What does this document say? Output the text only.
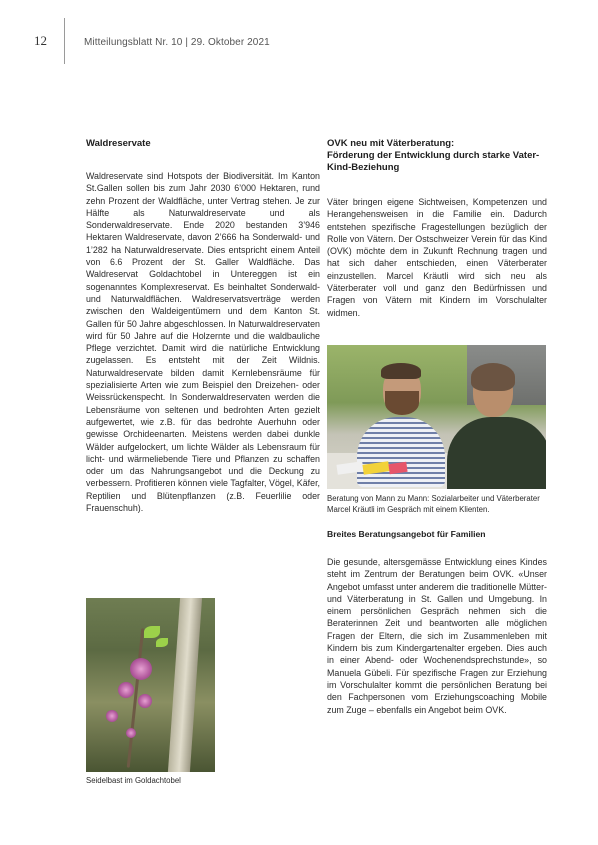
12	Mitteilungsblatt Nr. 10 | 29. Oktober 2021
Waldreservate

Waldreservate sind Hotspots der Biodiversität. Im Kanton St.Gallen sollen bis zum Jahr 2030 6’000 Hektaren, rund zehn Prozent der Waldfläche, unter Vertrag stehen. Je zur Hälfte als Naturwaldreservate und als Sonderwaldreservate. Ende 2020 bestanden 3’946 Hektaren Waldreservate, davon 2’666 ha Sonderwald- und 1’282 ha Naturwaldreservate. Dies entspricht einem Anteil von 6.6 Prozent der St. Galler Waldfläche. Das Waldreservat Goldachtobel in Untereggen ist ein sogenanntes Komplexreservat. Es beinhaltet Sonderwald- und Naturwaldflächen. Waldreservatsverträge werden zwischen den Waldeigentümern und dem Kanton St. Gallen für 50 Jahre abgeschlossen. In Naturwaldreservaten wird für 50 Jahre auf die Holzernte und die waldbauliche Pflege verzichtet. Damit wird die natürliche Entwicklung zugelassen. Es entsteht mit der Zeit Wildnis. Naturwaldreservate bilden damit Kernlebensräume für spezialisierte Arten wie zum Beispiel den Dreizehen- oder Weissrückenspecht. In Sonderwaldreservaten werden die Lebensräume von seltenen und bedrohten Arten gezielt aufgewertet, wie z.B. für das bedrohte Auerhuhn oder gewisse Orchideenarten. Meistens werden dabei dunkle Wälder aufgelockert, um lichte Wälder als Lebensraum für licht- und wärmeliebende Tiere und Pflanzen zu schaffen oder um das Nahrungsangebot und die Deckung zu verbessern. Profitieren können viele Tagfalter, Vögel, Käfer, Reptilien und Blütenpflanzen (z.B. Feuerlilie oder Frauenschuh).

Seidelbast im Goldachtobel

OVK neu mit Väterberatung:
Förderung der Entwicklung durch starke Vater-Kind-Beziehung

Väter bringen eigene Sichtweisen, Kompetenzen und Herangehensweisen in die Familie ein. Dadurch entstehen spezifische Fragestellungen bezüglich der Rolle von Vätern. Der Ostschweizer Verein für das Kind (OVK) möchte dem in Zukunft Rechnung tragen und hat sich daher entschieden, einen Väterberater einzustellen. Marcel Kräutli wird sich neu als Väterberater voll und ganz den Bedürfnissen und Fragen von Vätern mit Kindern im Vorschulalter widmen.

Beratung von Mann zu Mann: Sozialarbeiter und Väterberater Marcel Kräutli im Gespräch mit einem Klienten.

Breites Beratungsangebot für Familien

Die gesunde, altersgemässe Entwicklung eines Kindes steht im Zentrum der Beratungen beim OVK. «Unser Angebot umfasst unter anderem die traditionelle Mütter- und Väterberatung in St. Gallen und Umgebung. In einem persönlichen Gespräch nehmen sich die Beraterinnen Zeit und beantworten alle möglichen Fragen der Eltern, die sich im Zusammenleben mit Kindern bis zum Kindergartenalter ergeben. Dies auch in einer Abend- oder Wochenendsprechstunde», so Manuela Gübeli. Für spezifische Fragen zur Erziehung im Vorschulalter kommt die persönlichen Beratung bei den Fachpersonen vom Erziehungscoaching Mobile zum Zuge – ebenfalls ein Angebot beim OVK.
